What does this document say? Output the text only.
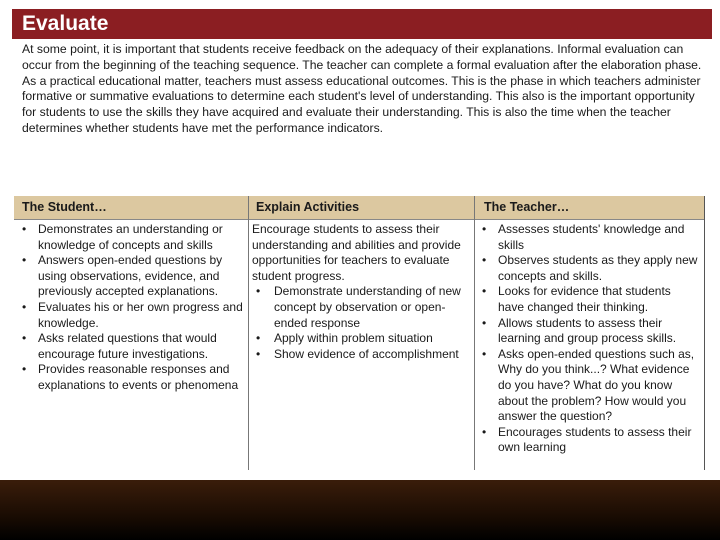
Evaluate
At some point, it is important that students receive feedback on the adequacy of their explanations. Informal evaluation can occur from the beginning of the teaching sequence. The teacher can complete a formal evaluation after the elaboration phase. As a practical educational matter, teachers must assess educational outcomes. This is the phase in which teachers administer formative or summative evaluations to determine each student's level of understanding. This also is the important opportunity for students to use the skills they have acquired and evaluate their understanding. This is also the time when the teacher determines whether students have met the performance indicators.
The Student…	Explain Activities	The Teacher…
• Demonstrates an understanding or knowledge of concepts and skills
• Answers open-ended questions by using observations, evidence, and previously accepted explanations.
• Evaluates his or her own progress and knowledge.
• Asks related questions that would encourage future investigations.
• Provides reasonable responses and explanations to events or phenomena
Encourage students to assess their understanding and abilities and provide opportunities for teachers to evaluate student progress.
• Demonstrate understanding of new concept by observation or open-ended response
• Apply within problem situation
• Show evidence of accomplishment
• Assesses students' knowledge and skills
• Observes students as they apply new concepts and skills.
• Looks for evidence that students have changed their thinking.
• Allows students to assess their learning and group process skills.
• Asks open-ended questions such as, Why do you think...? What evidence do you have? What do you know about the problem? How would you answer the question?
• Encourages students to assess their own learning
